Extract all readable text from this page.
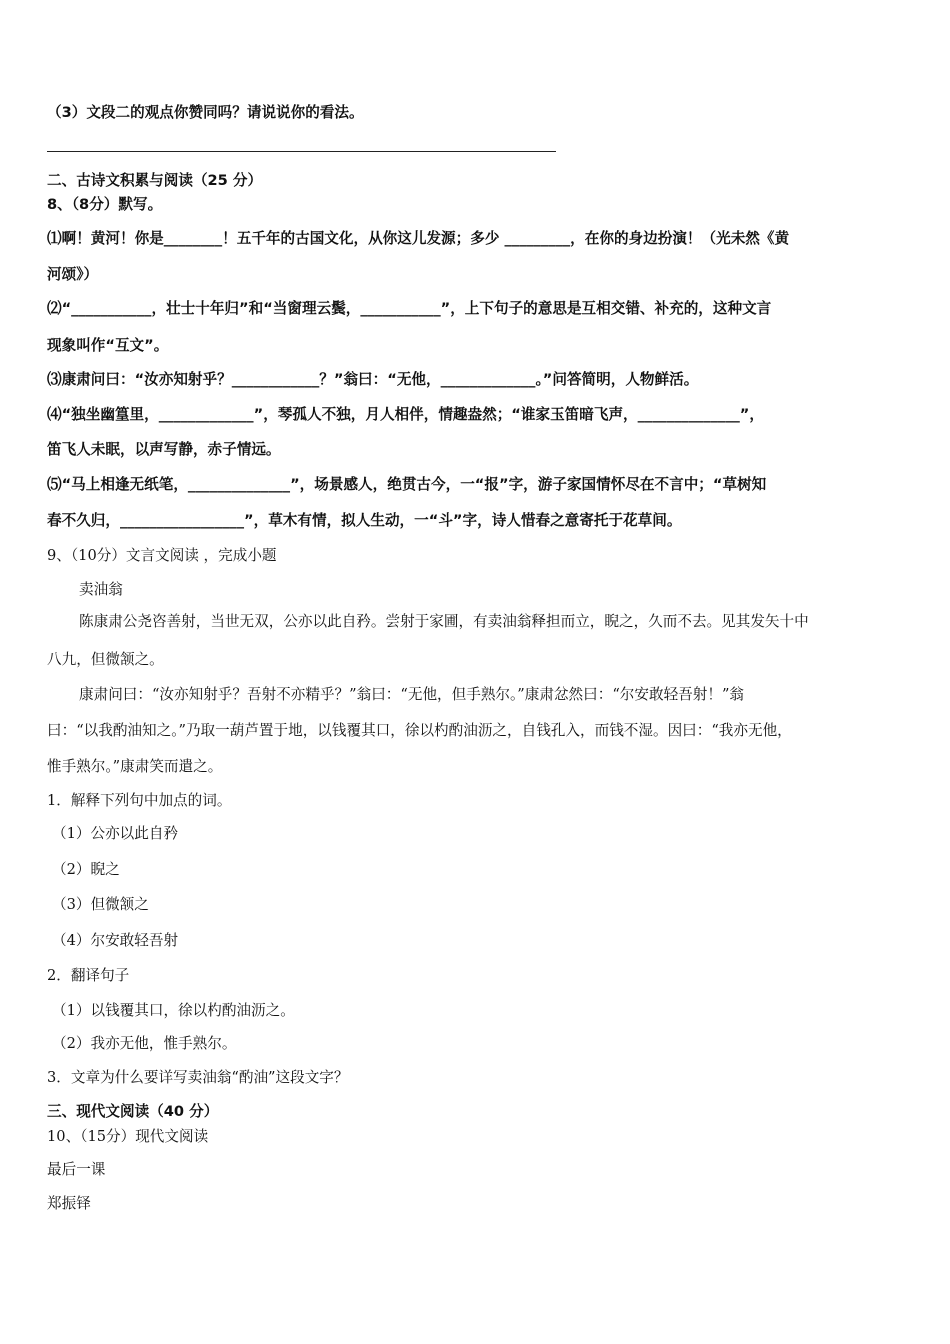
（3）文段二的观点你赞同吗？请说说你的看法。
二、古诗文积累与阅读（25 分）
8、（8分）默写。
⑴啊！黄河！你是________！五千年的古国文化，从你这儿发源；多少 _________，在你的身边扮演！（光未然《黄
河颂》）
⑵“___________，壮士十年归”和“当窗理云鬓，___________”，上下句子的意思是互相交错、补充的，这种文言
现象叫作“互文”。
⑶康肃问曰：“汝亦知射乎？____________？”翁曰：“无他，_____________。”问答简明，人物鲜活。
⑷“独坐幽篁里，_____________”，琴孤人不独，月人相伴，情趣盎然；“谁家玉笛暗飞声，______________”，
笛飞人未眠，以声写静，赤子情远。
⑸“马上相逢无纸笔，______________”，场景感人，绝贯古今，一“报”字，游子家国情怀尽在不言中；“草树知
春不久归，_________________”，草木有情，拟人生动，一“斗”字，诗人惜春之意寄托于花草间。
9、（10分）文言文阅读 ，完成小题
卖油翁
陈康肃公尧咨善射，当世无双，公亦以此自矜。尝射于家圃，有卖油翁释担而立，睨之，久而不去。见其发矢十中
八九，但微颔之。
康肃问曰：“汝亦知射乎？吾射不亦精乎？”翁曰：“无他，但手熟尔。”康肃忿然曰：“尔安敢轻吾射！”翁
曰：“以我酌油知之。”乃取一葫芦置于地，以钱覆其口，徐以杓酌油沥之，自钱孔入，而钱不湿。因曰：“我亦无他，
惟手熟尔。”康肃笑而遣之。
1．解释下列句中加点的词。
（1）公亦以此自矜
（2）睨之
（3）但微颔之
（4）尔安敢轻吾射
2．翻译句子
（1）以钱覆其口，徐以杓酌油沥之。
（2）我亦无他，惟手熟尔。
3．文章为什么要详写卖油翁“酌油”这段文字？
三、现代文阅读（40 分）
10、（15分）现代文阅读
最后一课
郑振铎
